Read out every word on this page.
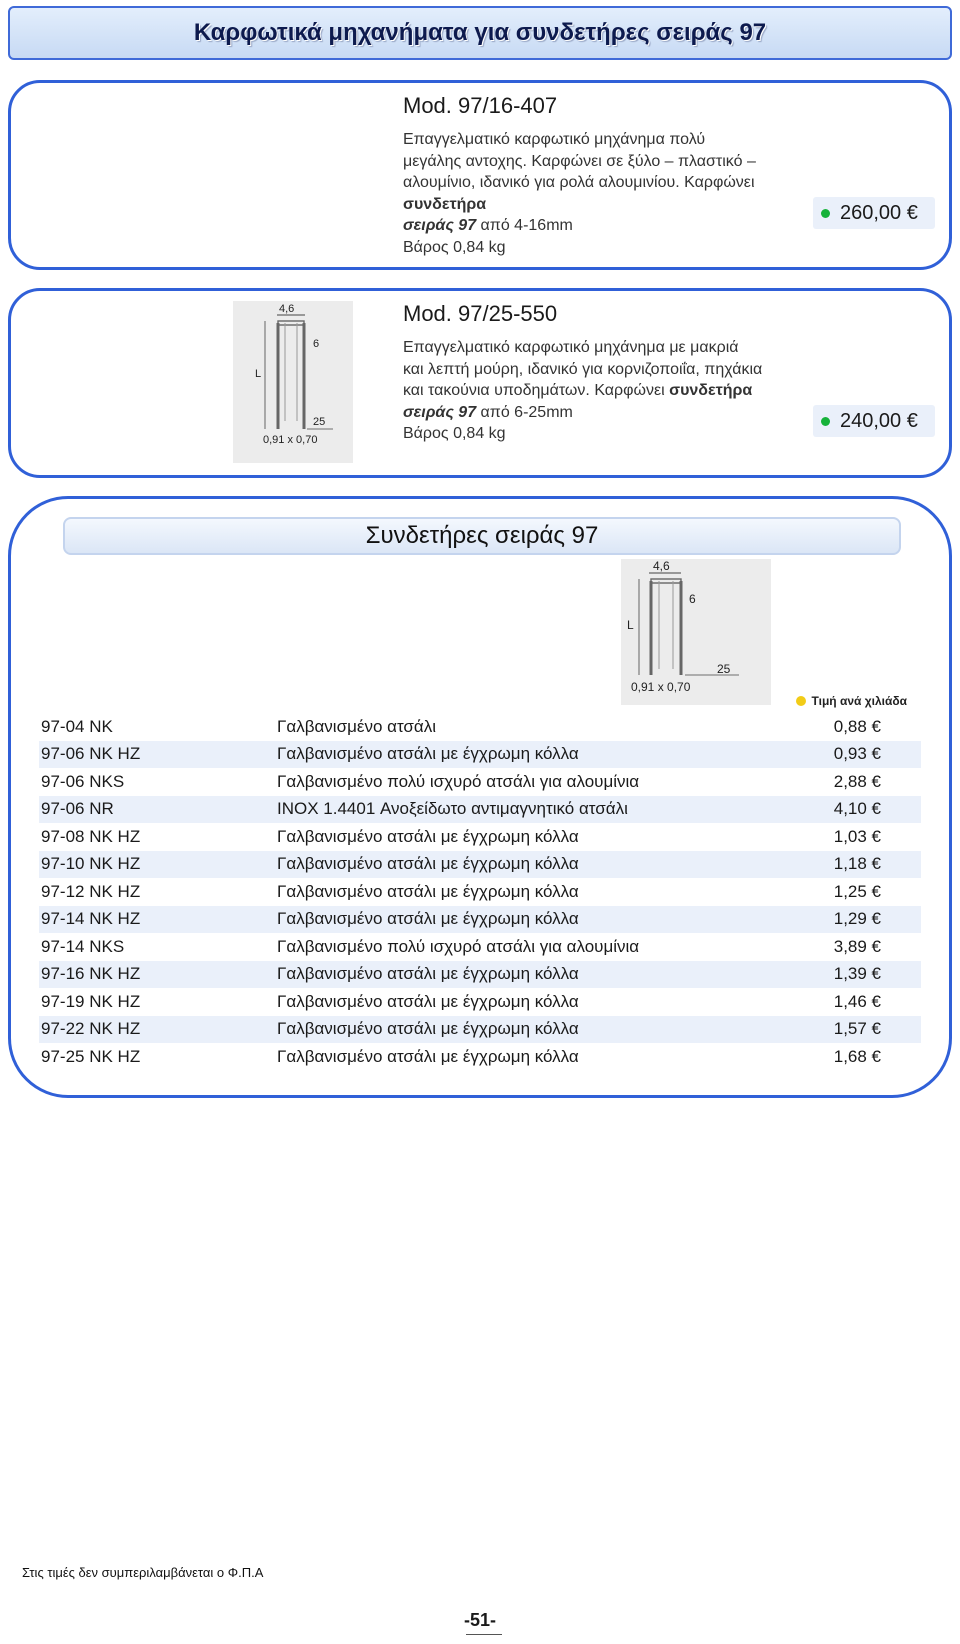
Καρφωτικά μηχανήματα για συνδετήρες σειράς 97
Mod. 97/16-407
Επαγγελματικό καρφωτικό μηχάνημα πολύ μεγάλης αντοχης. Καρφώνει σε ξύλο – πλαστικό – αλουμίνιο, ιδανικό για ρολά αλουμινίου. Καρφώνει συνδετήρα
σειράς 97 από 4-16mm
Βάρος 0,84 kg
260,00 €
4,6
6
L
25
0,91 x 0,70
Mod. 97/25-550
Επαγγελματικό καρφωτικό μηχάνημα με μακριά και λεπτή μούρη, ιδανικό για κορνιζοποιΐα, πηχάκια και τακούνια υποδημάτων. Καρφώνει συνδετήρα
σειράς 97 από 6-25mm
Βάρος 0,84 kg
240,00 €
Συνδετήρες σειράς 97
4,6
6
L
25
0,91 x 0,70
Τιμή ανά χιλιάδα
97-04 NK	Γαλβανισμένο ατσάλι	0,88 €
97-06 NK HZ	Γαλβανισμένο ατσάλι με έγχρωμη κόλλα	0,93 €
97-06 NKS	Γαλβανισμένο πολύ ισχυρό ατσάλι για αλουμίνια	2,88 €
97-06 NR	INOX 1.4401 Ανοξείδωτο αντιμαγνητικό ατσάλι	4,10 €
97-08 NK HZ	Γαλβανισμένο ατσάλι με έγχρωμη κόλλα	1,03 €
97-10 NK HZ	Γαλβανισμένο ατσάλι με έγχρωμη κόλλα	1,18 €
97-12 NK HZ	Γαλβανισμένο ατσάλι με έγχρωμη κόλλα	1,25 €
97-14 NK HZ	Γαλβανισμένο ατσάλι με έγχρωμη κόλλα	1,29 €
97-14 NKS	Γαλβανισμένο πολύ ισχυρό ατσάλι για αλουμίνια	3,89 €
97-16 NK HZ	Γαλβανισμένο ατσάλι με έγχρωμη κόλλα	1,39 €
97-19 NK HZ	Γαλβανισμένο ατσάλι με έγχρωμη κόλλα	1,46 €
97-22 NK HZ	Γαλβανισμένο ατσάλι με έγχρωμη κόλλα	1,57 €
97-25 NK HZ	Γαλβανισμένο ατσάλι με έγχρωμη κόλλα	1,68 €
Στις τιμές δεν συμπεριλαμβάνεται ο Φ.Π.Α
-51-
